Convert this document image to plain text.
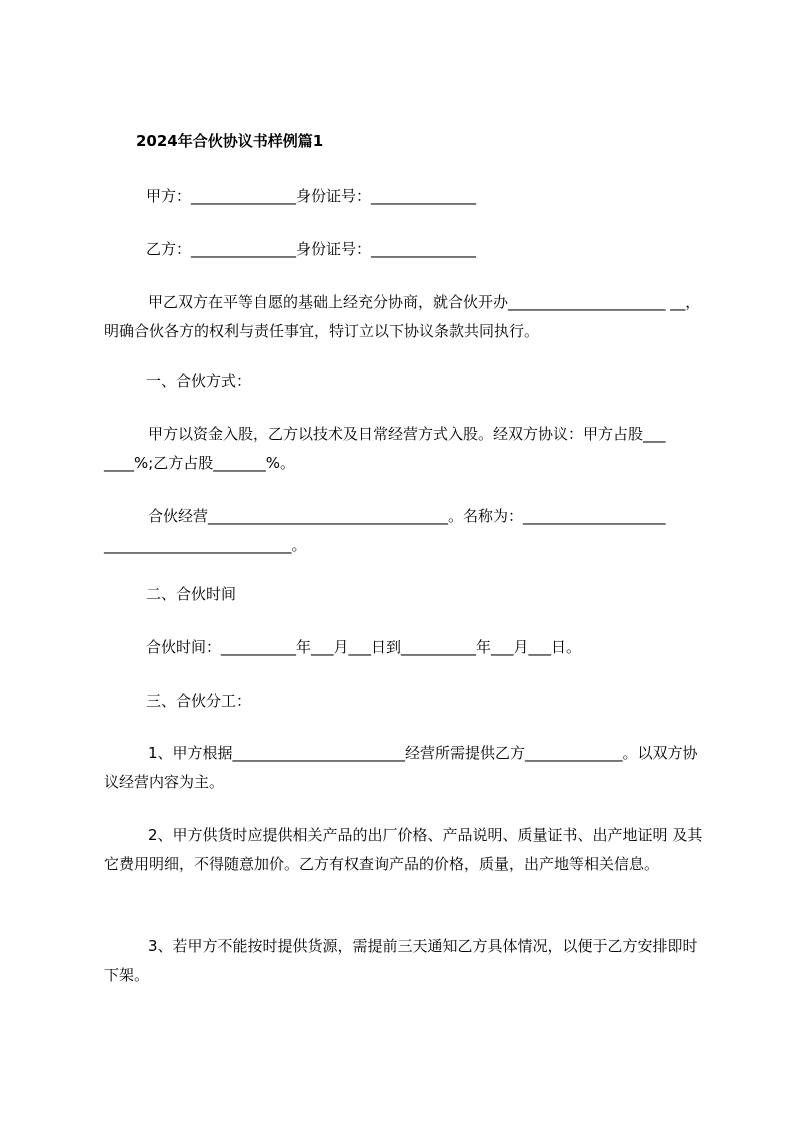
2024年合伙协议书样例篇1
甲方：______________身份证号：______________
乙方：______________身份证号：______________
甲乙双方在平等自愿的基础上经充分协商，就合伙开办_____________________ __，明确合伙各方的权利与责任事宜，特订立以下协议条款共同执行。
一、合伙方式：
甲方以资金入股，乙方以技术及日常经营方式入股。经双方协议：甲方占股___ ____%;乙方占股_______%。
合伙经营________________________________。名称为：___________________ _________________________。
二、合伙时间
合伙时间：__________年___月___日到__________年___月___日。
三、合伙分工：
1、甲方根据_______________________经营所需提供乙方_____________。以双方协议经营内容为主。
2、甲方供货时应提供相关产品的出厂价格、产品说明、质量证书、出产地证明 及其它费用明细，不得随意加价。乙方有权查询产品的价格，质量，出产地等相关信息。
3、若甲方不能按时提供货源，需提前三天通知乙方具体情况，以便于乙方安排即时下架。
